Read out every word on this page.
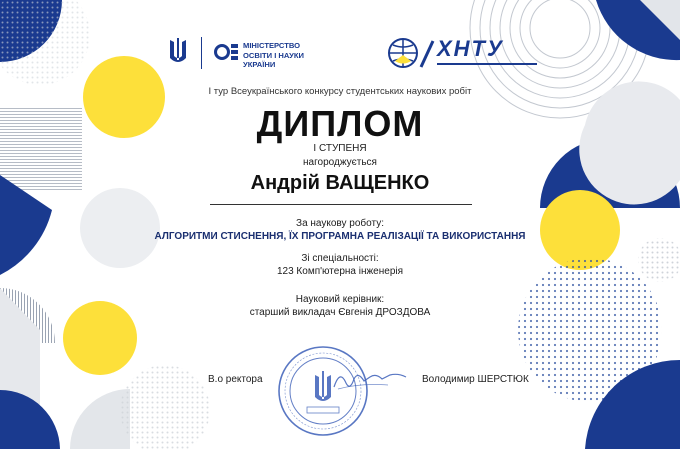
МІНІСТЕРСТВО
ОСВІТИ І НАУКИ
УКРАЇНИ
ХНТУ
І тур Всеукраїнського конкурсу студентських наукових робіт
ДИПЛОМ
І СТУПЕНЯ
нагороджується
Андрій ВАЩЕНКО
За наукову роботу:
АЛГОРИТМИ СТИСНЕННЯ, ЇХ ПРОГРАМНА РЕАЛІЗАЦІЇ ТА ВИКОРИСТАННЯ
Зі спеціальності:
123 Комп'ютерна інженерія
Науковий керівник:
старший викладач Євгенія ДРОЗДОВА
В.о ректора	Володимир ШЕРСТЮК
